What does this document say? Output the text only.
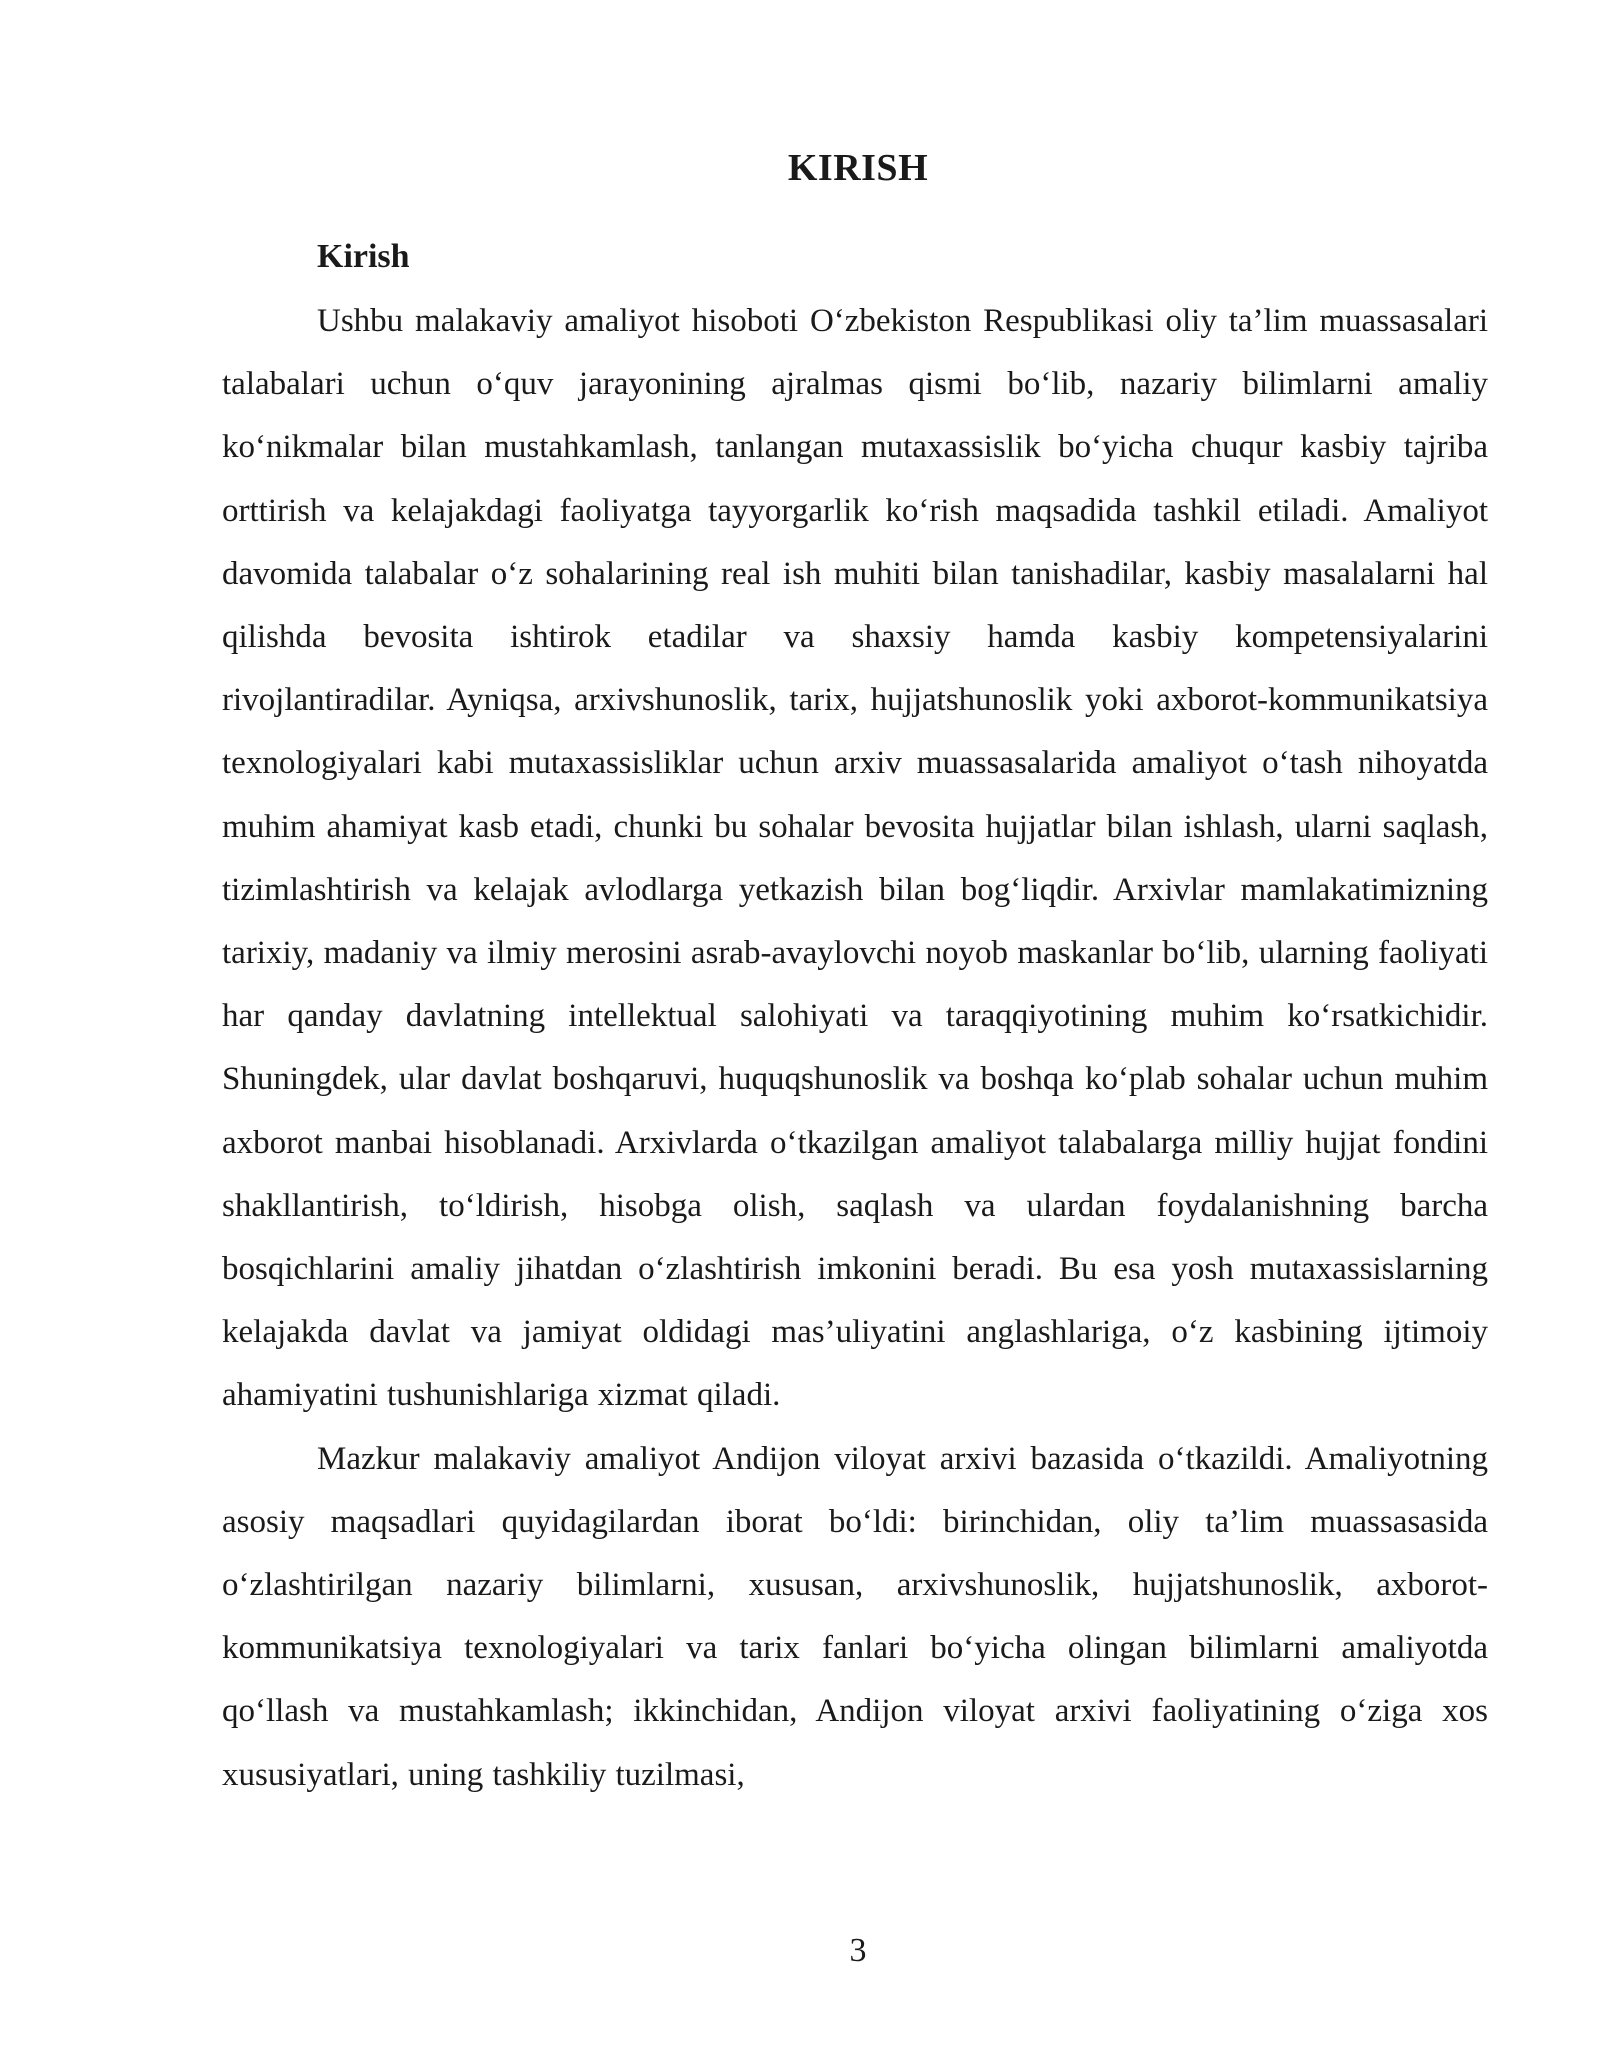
KIRISH
Kirish

Ushbu malakaviy amaliyot hisoboti O‘zbekiston Respublikasi oliy ta’lim muassasalari talabalari uchun o‘quv jarayonining ajralmas qismi bo‘lib, nazariy bilimlarni amaliy ko‘nikmalar bilan mustahkamlash, tanlangan mutaxassislik bo‘yicha chuqur kasbiy tajriba orttirish va kelajakdagi faoliyatga tayyorgarlik ko‘rish maqsadida tashkil etiladi. Amaliyot davomida talabalar o‘z sohalarining real ish muhiti bilan tanishadilar, kasbiy masalalarni hal qilishda bevosita ishtirok etadilar va shaxsiy hamda kasbiy kompetensiyalarini rivojlantiradilar. Ayniqsa, arxivshunoslik, tarix, hujjatshunoslik yoki axborot-kommunikatsiya texnologiyalari kabi mutaxassisliklar uchun arxiv muassasalarida amaliyot o‘tash nihoyatda muhim ahamiyat kasb etadi, chunki bu sohalar bevosita hujjatlar bilan ishlash, ularni saqlash, tizimlashtirish va kelajak avlodlarga yetkazish bilan bog‘liqdir. Arxivlar mamlakatimizning tarixiy, madaniy va ilmiy merosini asrab-avaylovchi noyob maskanlar bo‘lib, ularning faoliyati har qanday davlatning intellektual salohiyati va taraqqiyotining muhim ko‘rsatkichidir. Shuningdek, ular davlat boshqaruvi, huquqshunoslik va boshqa ko‘plab sohalar uchun muhim axborot manbai hisoblanadi. Arxivlarda o‘tkazilgan amaliyot talabalarga milliy hujjat fondini shakllantirish, to‘ldirish, hisobga olish, saqlash va ulardan foydalanishning barcha bosqichlarini amaliy jihatdan o‘zlashtirish imkonini beradi. Bu esa yosh mutaxassislarning kelajakda davlat va jamiyat oldidagi mas’uliyatini anglashlariga, o‘z kasbining ijtimoiy ahamiyatini tushunishlariga xizmat qiladi.

Mazkur malakaviy amaliyot Andijon viloyat arxivi bazasida o‘tkazildi. Amaliyotning asosiy maqsadlari quyidagilardan iborat bo‘ldi: birinchidan, oliy ta’lim muassasasida o‘zlashtirilgan nazariy bilimlarni, xususan, arxivshunoslik, hujjatshunoslik, axborot-kommunikatsiya texnologiyalari va tarix fanlari bo‘yicha olingan bilimlarni amaliyotda qo‘llash va mustahkamlash; ikkinchidan, Andijon viloyat arxivi faoliyatining o‘ziga xos xususiyatlari, uning tashkiliy tuzilmasi,

3
